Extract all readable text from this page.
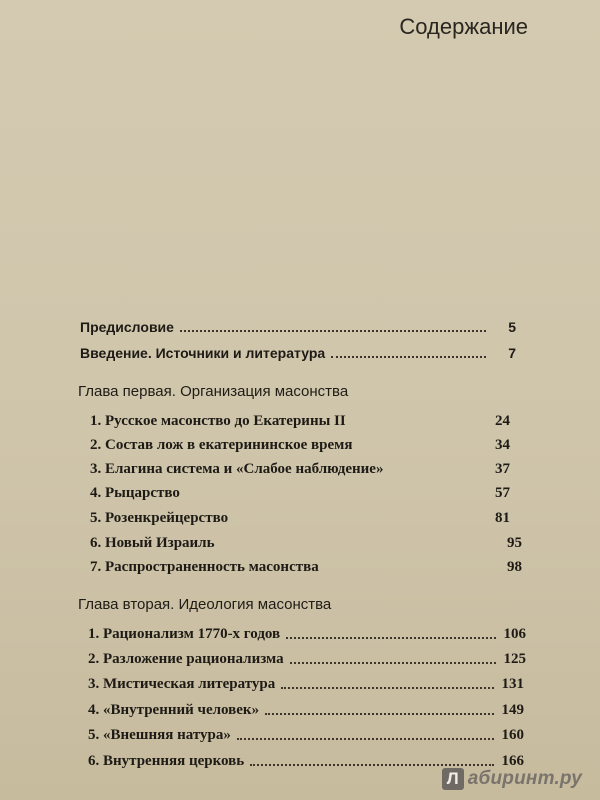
Содержание
Предисловие	5
Введение. Источники и литература	7
Глава первая. Организация масонства
1. Русское масонство до Екатерины II	24
2. Состав лож в екатерининское время	34
3. Елагина система и «Слабое наблюдение»	37
4. Рыцарство	57
5. Розенкрейцерство	81
6. Новый Израиль	95
7. Распространенность масонства	98
Глава вторая. Идеология масонства
1. Рационализм 1770-х годов	106
2. Разложение рационализма	125
3. Мистическая литература	131
4. «Внутренний человек»	149
5. «Внешняя натура»	160
6. Внутренняя церковь	166
Л абиринт.ру
